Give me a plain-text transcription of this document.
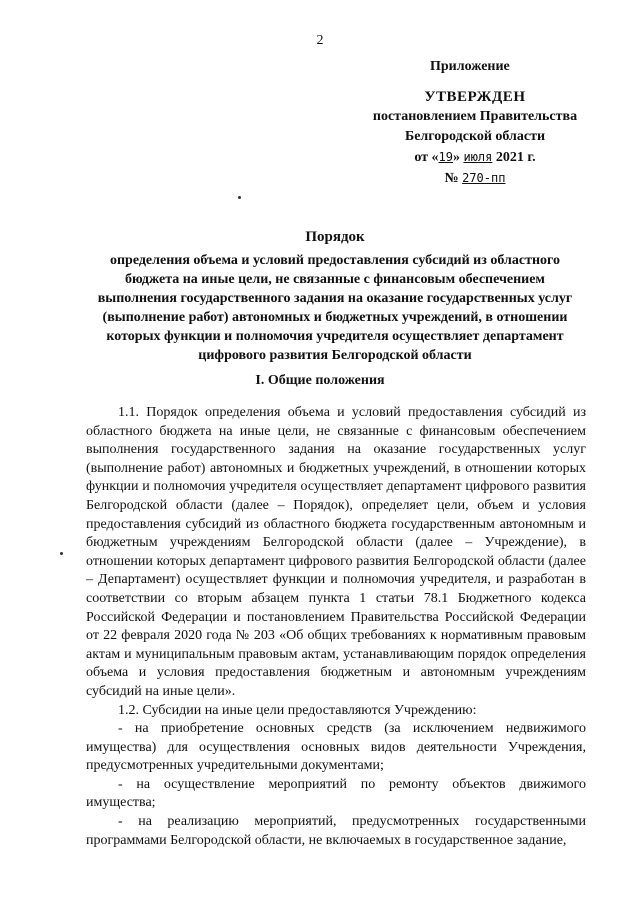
2
Приложение
УТВЕРЖДЕН
постановлением Правительства
Белгородской области
от «19» июля 2021 г.
№ 270-пп
Порядок
определения объема и условий предоставления субсидий из областного
бюджета на иные цели, не связанные с финансовым обеспечением
выполнения государственного задания на оказание государственных услуг
(выполнение работ) автономных и бюджетных учреждений, в отношении
которых функции и полномочия учредителя осуществляет департамент
цифрового развития Белгородской области
I. Общие положения

1.1. Порядок определения объема и условий предоставления субсидий из областного бюджета на иные цели, не связанные с финансовым обеспечением выполнения государственного задания на оказание государственных услуг (выполнение работ) автономных и бюджетных учреждений, в отношении которых функции и полномочия учредителя осуществляет департамент цифрового развития Белгородской области (далее – Порядок), определяет цели, объем и условия предоставления субсидий из областного бюджета государственным автономным и бюджетным учреждениям Белгородской области (далее – Учреждение), в отношении которых департамент цифрового развития Белгородской области (далее – Департамент) осуществляет функции и полномочия учредителя, и разработан в соответствии со вторым абзацем пункта 1 статьи 78.1 Бюджетного кодекса Российской Федерации и постановлением Правительства Российской Федерации от 22 февраля 2020 года № 203 «Об общих требованиях к нормативным правовым актам и муниципальным правовым актам, устанавливающим порядок определения объема и условия предоставления бюджетным и автономным учреждениям субсидий на иные цели».

1.2. Субсидии на иные цели предоставляются Учреждению:

- на приобретение основных средств (за исключением недвижимого имущества) для осуществления основных видов деятельности Учреждения, предусмотренных учредительными документами;

- на осуществление мероприятий по ремонту объектов движимого имущества;

- на реализацию мероприятий, предусмотренных государственными программами Белгородской области, не включаемых в государственное задание,
